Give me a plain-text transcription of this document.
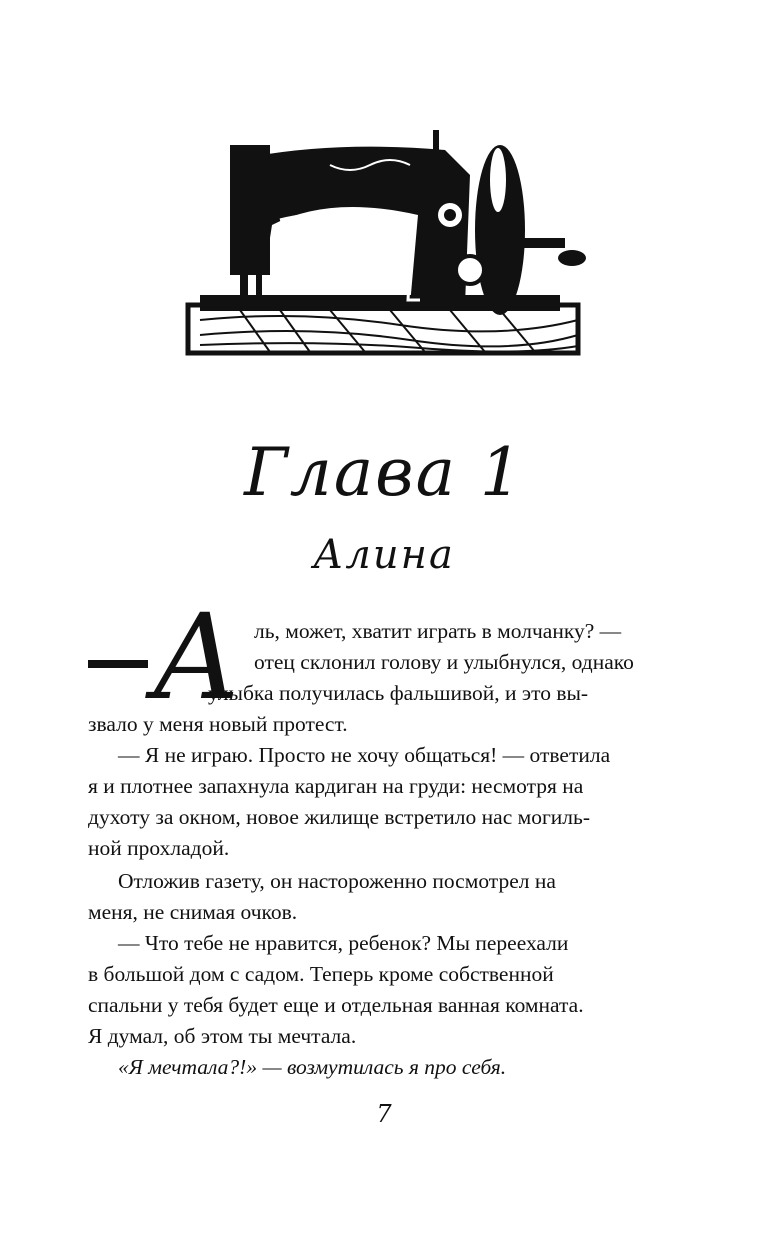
Глава 1
Алина
А ль, может, хватит играть в молчанку? —
отец склонил голову и улыбнулся, однако
улыбка получилась фальшивой, и это вы-
звало у меня новый протест.
— Я не играю. Просто не хочу общаться! — ответила
я и плотнее запахнула кардиган на груди: несмотря на
духоту за окном, новое жилище встретило нас могиль-
ной прохладой.
Отложив газету, он настороженно посмотрел на
меня, не снимая очков.
— Что тебе не нравится, ребенок? Мы переехали
в большой дом с садом. Теперь кроме собственной
спальни у тебя будет еще и отдельная ванная комната.
Я думал, об этом ты мечтала.
«Я мечтала?!» — возмутилась я про себя.
7
